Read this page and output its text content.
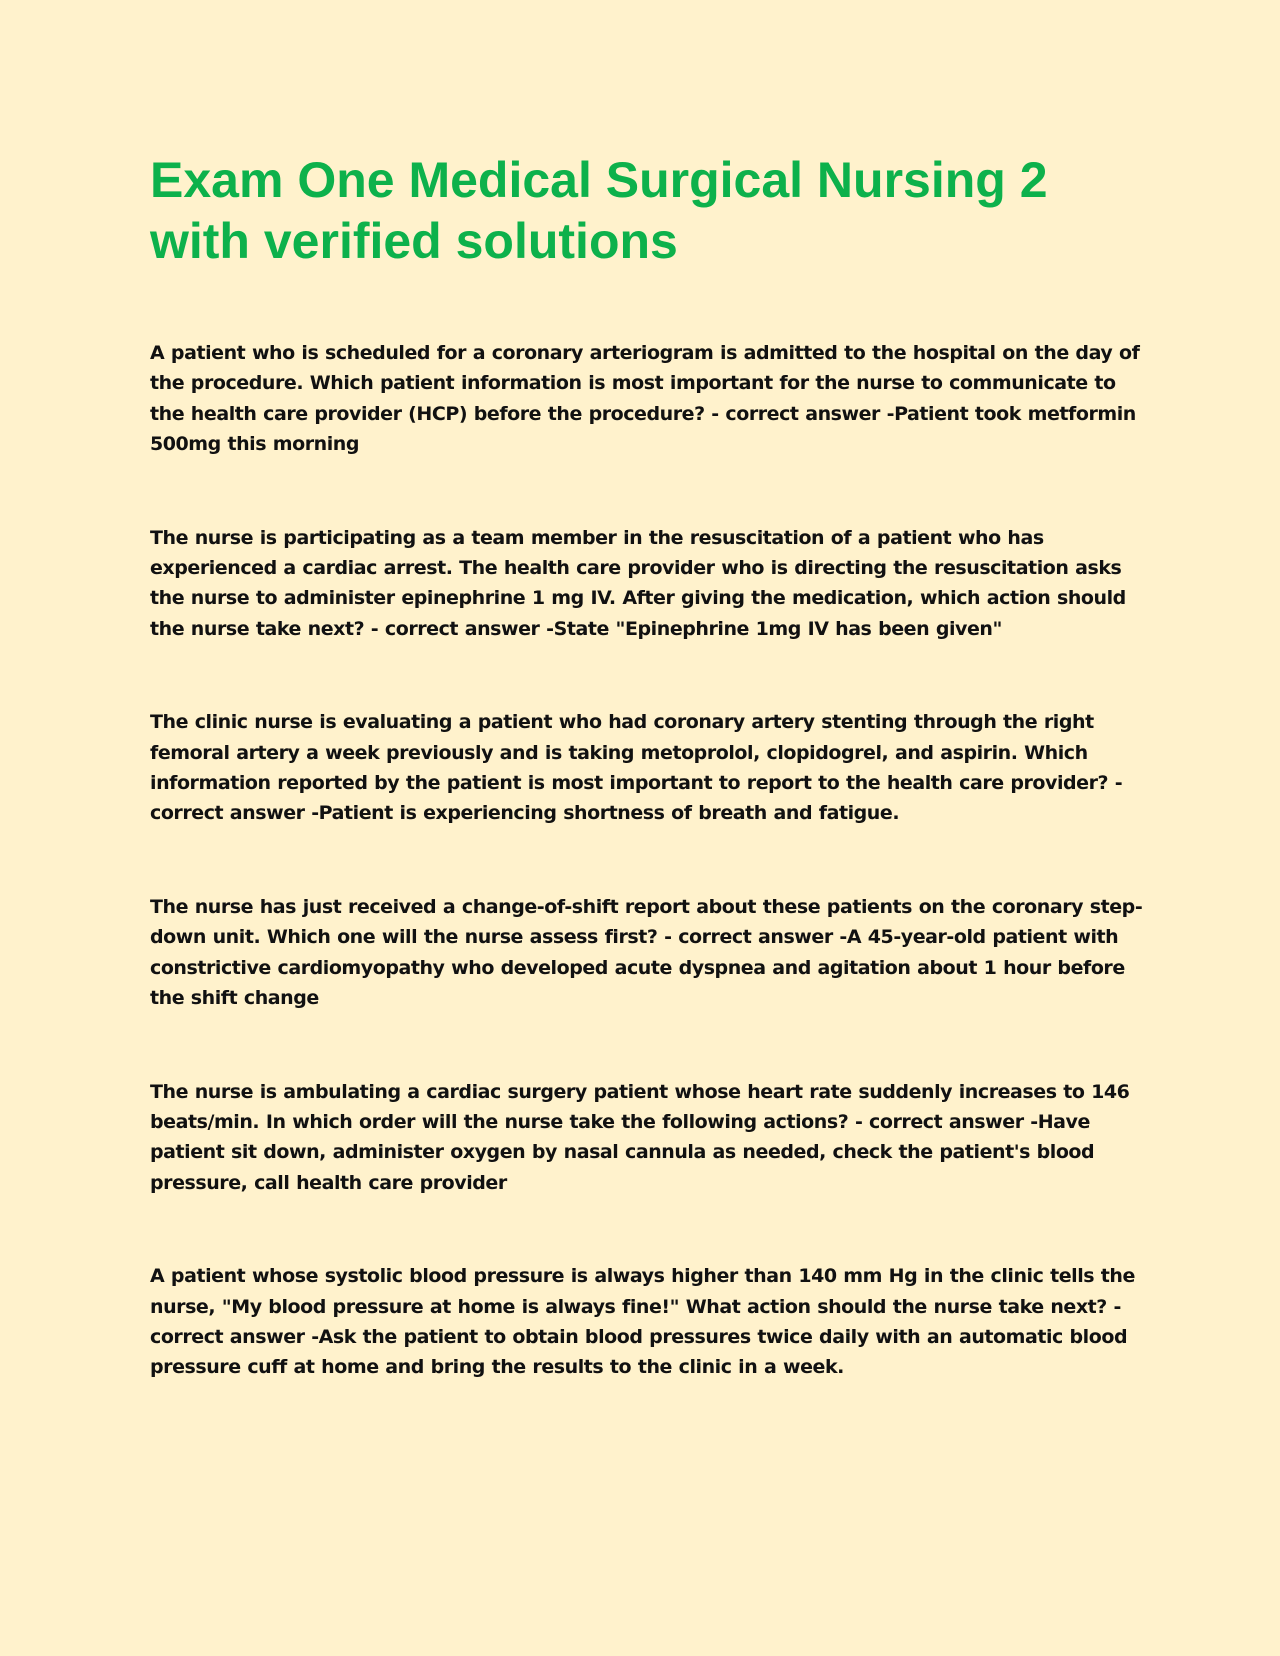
Exam One Medical Surgical Nursing 2 with verified solutions

A patient who is scheduled for a coronary arteriogram is admitted to the hospital on the day of the procedure. Which patient information is most important for the nurse to communicate to the health care provider (HCP) before the procedure? - correct answer -Patient took metformin 500mg this morning

The nurse is participating as a team member in the resuscitation of a patient who has experienced a cardiac arrest. The health care provider who is directing the resuscitation asks the nurse to administer epinephrine 1 mg IV. After giving the medication, which action should the nurse take next? - correct answer -State "Epinephrine 1mg IV has been given"

The clinic nurse is evaluating a patient who had coronary artery stenting through the right femoral artery a week previously and is taking metoprolol, clopidogrel, and aspirin. Which information reported by the patient is most important to report to the health care provider? - correct answer -Patient is experiencing shortness of breath and fatigue.

The nurse has just received a change-of-shift report about these patients on the coronary step-down unit. Which one will the nurse assess first? - correct answer -A 45-year-old patient with constrictive cardiomyopathy who developed acute dyspnea and agitation about 1 hour before the shift change

The nurse is ambulating a cardiac surgery patient whose heart rate suddenly increases to 146 beats/min. In which order will the nurse take the following actions? - correct answer -Have patient sit down, administer oxygen by nasal cannula as needed, check the patient's blood pressure, call health care provider

A patient whose systolic blood pressure is always higher than 140 mm Hg in the clinic tells the nurse, "My blood pressure at home is always fine!" What action should the nurse take next? - correct answer -Ask the patient to obtain blood pressures twice daily with an automatic blood pressure cuff at home and bring the results to the clinic in a week.
